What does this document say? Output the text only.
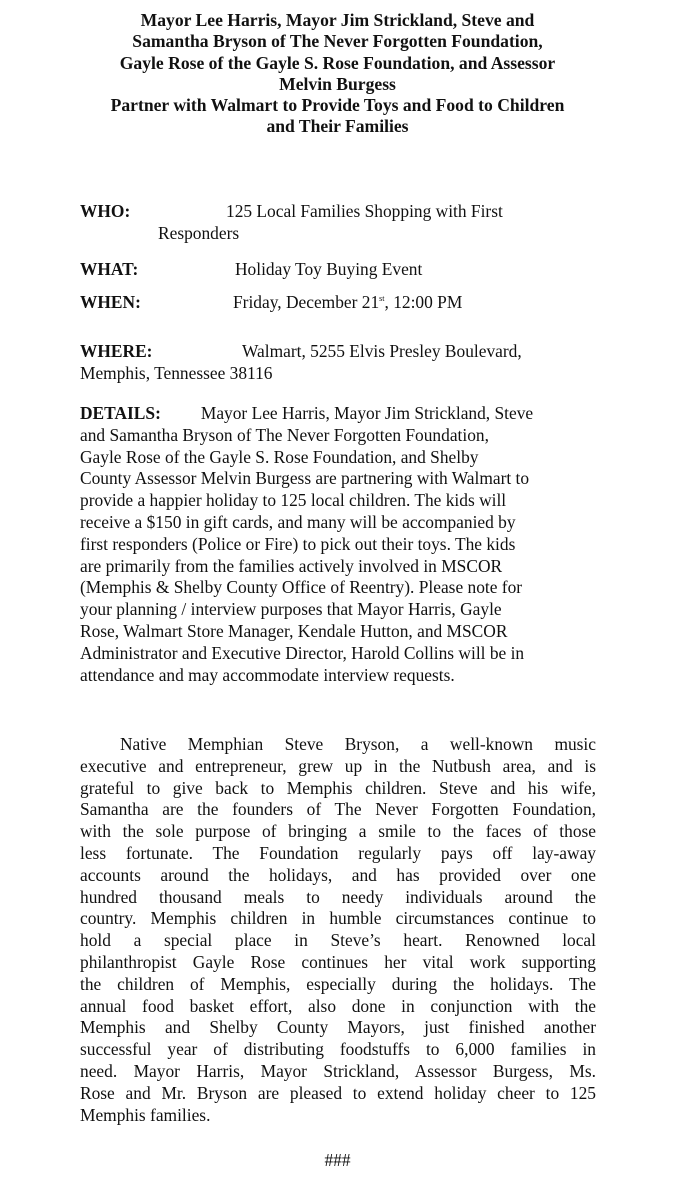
Mayor Lee Harris, Mayor Jim Strickland, Steve and
Samantha Bryson of The Never Forgotten Foundation,
Gayle Rose of the Gayle S. Rose Foundation, and Assessor
Melvin Burgess
Partner with Walmart to Provide Toys and Food to Children
and Their Families
WHO:	125 Local Families Shopping with First
Responders
WHAT:	Holiday Toy Buying Event
WHEN:	Friday, December 21st, 12:00 PM
WHERE:	Walmart, 5255 Elvis Presley Boulevard,
Memphis, Tennessee 38116
DETAILS: Mayor Lee Harris, Mayor Jim Strickland, Steve
and Samantha Bryson of The Never Forgotten Foundation,
Gayle Rose of the Gayle S. Rose Foundation, and Shelby
County Assessor Melvin Burgess are partnering with Walmart to
provide a happier holiday to 125 local children. The kids will
receive a $150 in gift cards, and many will be accompanied by
first responders (Police or Fire) to pick out their toys. The kids
are primarily from the families actively involved in MSCOR
(Memphis & Shelby County Office of Reentry). Please note for
your planning / interview purposes that Mayor Harris, Gayle
Rose, Walmart Store Manager, Kendale Hutton, and MSCOR
Administrator and Executive Director, Harold Collins will be in
attendance and may accommodate interview requests.
Native Memphian Steve Bryson, a well-known music
executive and entrepreneur, grew up in the Nutbush area, and is
grateful to give back to Memphis children. Steve and his wife,
Samantha are the founders of The Never Forgotten Foundation,
with the sole purpose of bringing a smile to the faces of those
less fortunate. The Foundation regularly pays off lay-away
accounts around the holidays, and has provided over one
hundred thousand meals to needy individuals around the
country. Memphis children in humble circumstances continue to
hold a special place in Steve’s heart. Renowned local
philanthropist Gayle Rose continues her vital work supporting
the children of Memphis, especially during the holidays. The
annual food basket effort, also done in conjunction with the
Memphis and Shelby County Mayors, just finished another
successful year of distributing foodstuffs to 6,000 families in
need. Mayor Harris, Mayor Strickland, Assessor Burgess, Ms.
Rose and Mr. Bryson are pleased to extend holiday cheer to 125
Memphis families.
###
